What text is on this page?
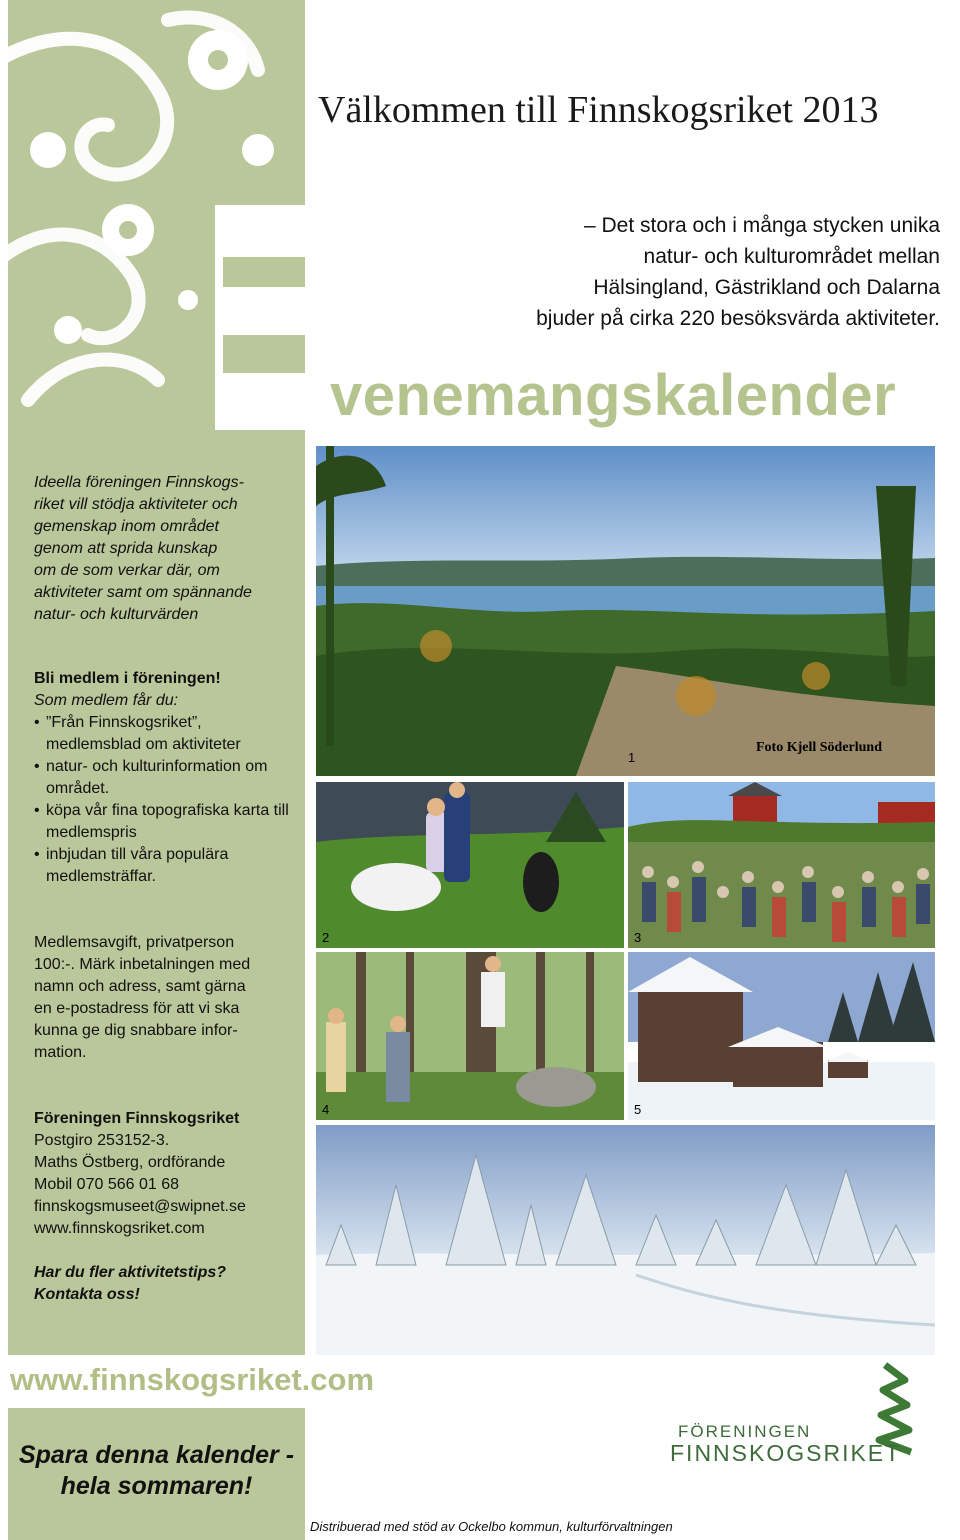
Välkommen till Finnskogsriket 2013
– Det stora och i många stycken unika
natur- och kulturområdet mellan
Hälsingland, Gästrikland och Dalarna
bjuder på cirka 220 besöksvärda aktiviteter.
venemangskalender
Ideella föreningen Finnskogs-
riket vill stödja aktiviteter och
gemenskap inom området
genom att sprida kunskap
om de som verkar där, om
aktiviteter samt om spännande
natur- och kulturvärden
Bli medlem i föreningen!
Som medlem får du:
• ”Från Finnskogsriket”, medlemsblad om aktiviteter
• natur- och kulturinformation om området.
• köpa vår fina topografiska karta till medlemspris
• inbjudan till våra populära medlemsträffar.
Medlemsavgift, privatperson
100:-. Märk inbetalningen med
namn och adress, samt gärna
en e-postadress för att vi ska
kunna ge dig snabbare infor-
mation.
Föreningen Finnskogsriket
Postgiro 253152-3.
Maths Östberg, ordförande
Mobil 070 566 01 68
finnskogsmuseet@swipnet.se
www.finnskogsriket.com
Har du fler aktivitetstips?
Kontakta oss!
www.finnskogsriket.com
Spara denna kalender -
hela sommaren!
1
Foto Kjell Söderlund
2	3
4	5
FÖRENINGEN
FINNSKOGSRIKET
Distribuerad med stöd av Ockelbo kommun, kulturförvaltningen
